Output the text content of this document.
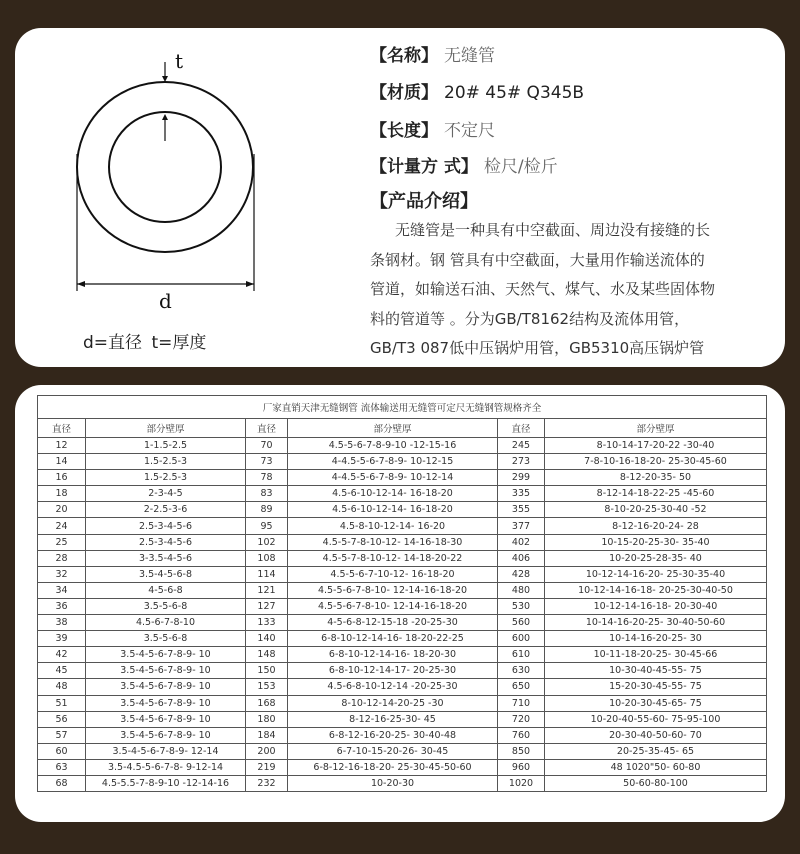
t
d
d=直径 t=厚度
【名称】 无缝管
【材质】 20# 45# Q345B
【长度】 不定尺
【计量方 式】 检尺/检斤
【产品介绍】

无缝管是一种具有中空截面、周边没有接缝的长

条钢材。钢 管具有中空截面，大量用作输送流体的

管道，如输送石油、天然气、煤气、水及某些固体物

料的管道等 。分为GB/T8162结构及流体用管，

GB/T3 087低中压锅炉用管，GB5310高压锅炉管

厂家直销天津无缝钢管 流体输送用无缝管可定尺无缝钢管规格齐全					
直径	部分壁厚	直径	部分壁厚	直径	部分壁厚
12	1-1.5-2.5	70	4.5-5-6-7-8-9-10 -12-15-16	245	8-10-14-17-20-22 -30-40
14	1.5-2.5-3	73	4-4.5-5-6-7-8-9- 10-12-15	273	7-8-10-16-18-20- 25-30-45-60
16	1.5-2.5-3	78	4-4.5-5-6-7-8-9- 10-12-14	299	8-12-20-35- 50
18	2-3-4-5	83	4.5-6-10-12-14- 16-18-20	335	8-12-14-18-22-25 -45-60
20	2-2.5-3-6	89	4.5-6-10-12-14- 16-18-20	355	8-10-20-25-30-40 -52
24	2.5-3-4-5-6	95	4.5-8-10-12-14- 16-20	377	8-12-16-20-24- 28
25	2.5-3-4-5-6	102	4.5-5-7-8-10-12- 14-16-18-30	402	10-15-20-25-30- 35-40
28	3-3.5-4-5-6	108	4.5-5-7-8-10-12- 14-18-20-22	406	10-20-25-28-35- 40
32	3.5-4-5-6-8	114	4.5-5-6-7-10-12- 16-18-20	428	10-12-14-16-20- 25-30-35-40
34	4-5-6-8	121	4.5-5-6-7-8-10- 12-14-16-18-20	480	10-12-14-16-18- 20-25-30-40-50
36	3.5-5-6-8	127	4.5-5-6-7-8-10- 12-14-16-18-20	530	10-12-14-16-18- 20-30-40
38	4.5-6-7-8-10	133	4-5-6-8-12-15-18 -20-25-30	560	10-14-16-20-25- 30-40-50-60
39	3.5-5-6-8	140	6-8-10-12-14-16- 18-20-22-25	600	10-14-16-20-25- 30
42	3.5-4-5-6-7-8-9- 10	148	6-8-10-12-14-16- 18-20-30	610	10-11-18-20-25- 30-45-66
45	3.5-4-5-6-7-8-9- 10	150	6-8-10-12-14-17- 20-25-30	630	10-30-40-45-55- 75
48	3.5-4-5-6-7-8-9- 10	153	4.5-6-8-10-12-14 -20-25-30	650	15-20-30-45-55- 75
51	3.5-4-5-6-7-8-9- 10	168	8-10-12-14-20-25 -30	710	10-20-30-45-65- 75
56	3.5-4-5-6-7-8-9- 10	180	8-12-16-25-30- 45	720	10-20-40-55-60- 75-95-100
57	3.5-4-5-6-7-8-9- 10	184	6-8-12-16-20-25- 30-40-48	760	20-30-40-50-60- 70
60	3.5-4-5-6-7-8-9- 12-14	200	6-7-10-15-20-26- 30-45	850	20-25-35-45- 65
63	3.5-4.5-5-6-7-8- 9-12-14	219	6-8-12-16-18-20- 25-30-45-50-60	960	48 1020"50- 60-80
68	4.5-5.5-7-8-9-10 -12-14-16	232	10-20-30	1020	50-60-80-100
